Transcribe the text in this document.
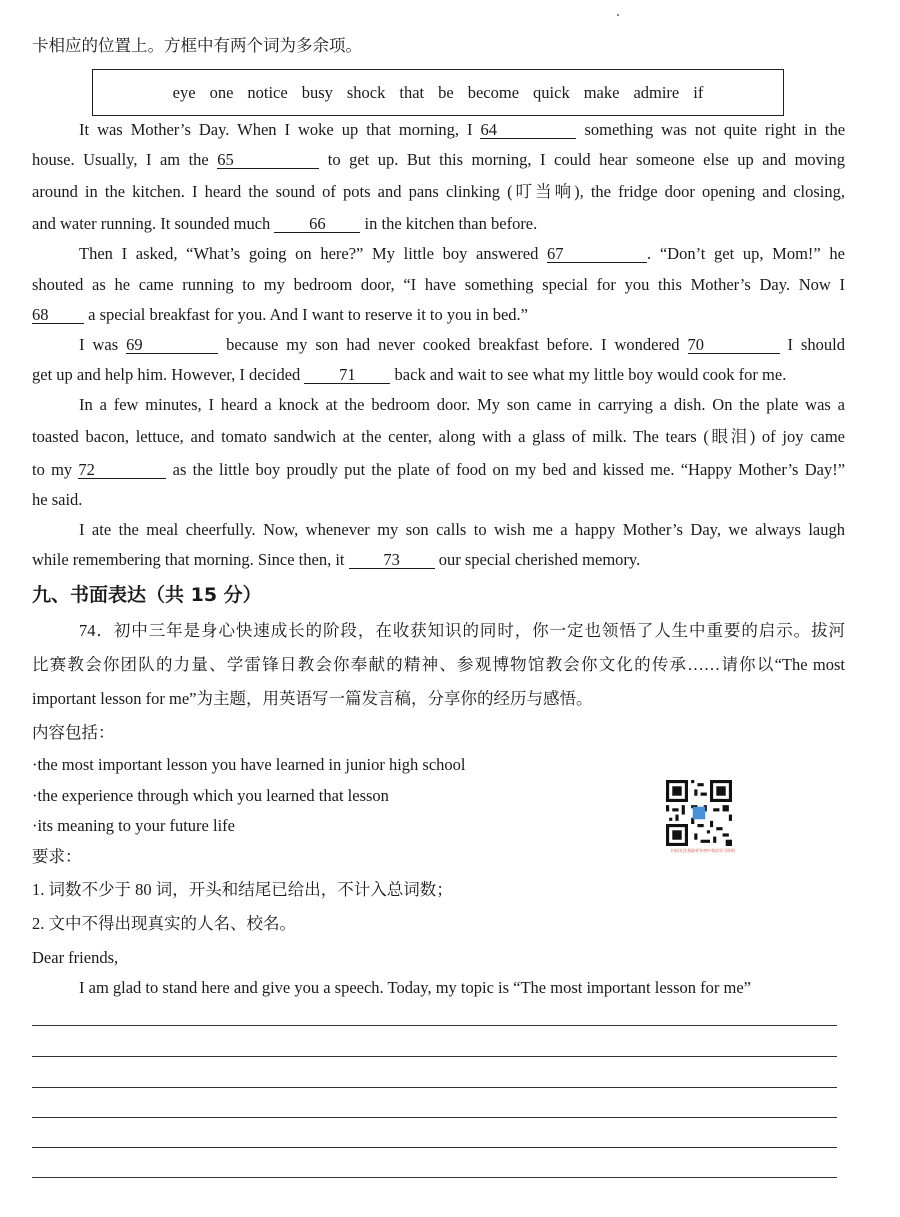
卡相应的位置上。方框中有两个词为多余项。
eye one notice busy shock that be become quick make admire if
It was Mother’s Day. When I woke up that morning, I 64	something was not quite right in the
house. Usually, I am the 65	to get up. But this morning, I could hear someone else up and moving
around in the kitchen. I heard the sound of pots and pans clinking (叮当响), the fridge door opening and closing,
and water running. It sounded much 66 in the kitchen than before.
Then I asked, “What’s going on here?” My little boy answered 67	. “Don’t get up, Mom!” he
shouted as he came running to my bedroom door, “I have something special for you this Mother’s Day. Now I
68 a special breakfast for you. And I want to reserve it to you in bed.”
I was 69	because my son had never cooked breakfast before. I wondered 70	I should
get up and help him. However, I decided 71 back and wait to see what my little boy would cook for me.
In a few minutes, I heard a knock at the bedroom door. My son came in carrying a dish. On the plate was a
toasted bacon, lettuce, and tomato sandwich at the center, along with a glass of milk. The tears (眼泪) of joy came
to my 72	as the little boy proudly put the plate of food on my bed and kissed me. “Happy Mother’s Day!”
he said.
I ate the meal cheerfully. Now, whenever my son calls to wish me a happy Mother’s Day, we always laugh
while remembering that morning. Since then, it 73 our special cherished memory.
九、书面表达（共 15 分）
74．初中三年是身心快速成长的阶段，在收获知识的同时，你一定也领悟了人生中重要的启示。拔河
比赛教会你团队的力量、学雷锋日教会你奉献的精神、参观博物馆教会你文化的传承……请你以“The most
important lesson for me”为主题，用英语写一篇发言稿，分享你的经历与感悟。
内容包括：
·the most important lesson you have learned in junior high school
·the experience through which you learned that lesson
·its meaning to your future life
要求：
1. 词数不少于 80 词，开头和结尾已给出，不计入总词数；
2. 文中不得出现真实的人名、校名。
Dear friends,
I am glad to stand here and give you a speech. Today, my topic is “The most important lesson for me”
扫码关注获取更多初中英语学习资料
